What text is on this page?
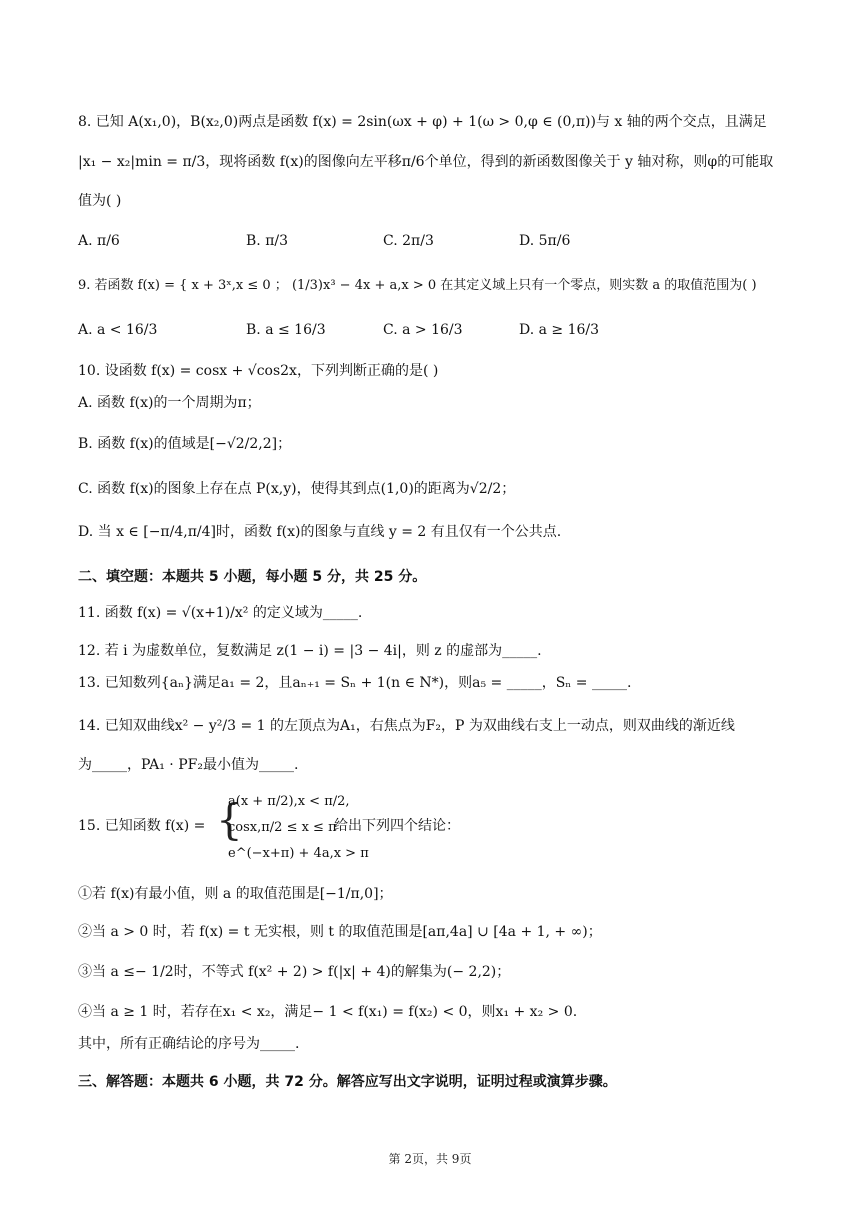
8. 已知 A(x₁,0)，B(x₂,0)两点是函数 f(x) = 2sin(ωx + φ) + 1(ω > 0,φ ∈ (0,π))与 x 轴的两个交点，且满足
|x₁ − x₂|min = π/3，现将函数 f(x)的图像向左平移π/6个单位，得到的新函数图像关于 y 轴对称，则φ的可能取
值为( )
A. π/6	B. π/3	C. 2π/3	D. 5π/6
9. 若函数 f(x) = { x + 3ˣ,x ≤ 0 ； (1/3)x³ − 4x + a,x > 0 在其定义域上只有一个零点，则实数 a 的取值范围为( )
A. a < 16/3	B. a ≤ 16/3	C. a > 16/3	D. a ≥ 16/3
10. 设函数 f(x) = cosx + √cos2x，下列判断正确的是( )
A. 函数 f(x)的一个周期为π；
B. 函数 f(x)的值域是[−√2/2,2]；
C. 函数 f(x)的图象上存在点 P(x,y)，使得其到点(1,0)的距离为√2/2；
D. 当 x ∈ [−π/4,π/4]时，函数 f(x)的图象与直线 y = 2 有且仅有一个公共点.
二、填空题：本题共 5 小题，每小题 5 分，共 25 分。
11. 函数 f(x) = √(x+1)/x² 的定义域为_____.
12. 若 i 为虚数单位，复数满足 z(1 − i) = |3 − 4i|，则 z 的虚部为_____.
13. 已知数列{aₙ}满足a₁ = 2，且aₙ₊₁ = Sₙ + 1(n ∈ N*)，则a₅ = _____，Sₙ = _____.
14. 已知双曲线x² − y²/3 = 1 的左顶点为A₁，右焦点为F₂，P 为双曲线右支上一动点，则双曲线的渐近线
为_____，PA₁ · PF₂最小值为_____.
15. 已知函数 f(x) = {
a(x + π/2),x < π/2,
cosx,π/2 ≤ x ≤ π
e^(−x+π) + 4a,x > π
给出下列四个结论：
①若 f(x)有最小值，则 a 的取值范围是[−1/π,0]；
②当 a > 0 时，若 f(x) = t 无实根，则 t 的取值范围是[aπ,4a] ∪ [4a + 1, + ∞)；
③当 a ≤− 1/2时，不等式 f(x² + 2) > f(|x| + 4)的解集为(− 2,2)；
④当 a ≥ 1 时，若存在x₁ < x₂，满足− 1 < f(x₁) = f(x₂) < 0，则x₁ + x₂ > 0.
其中，所有正确结论的序号为_____.
三、解答题：本题共 6 小题，共 72 分。解答应写出文字说明，证明过程或演算步骤。
第 2页，共 9页
